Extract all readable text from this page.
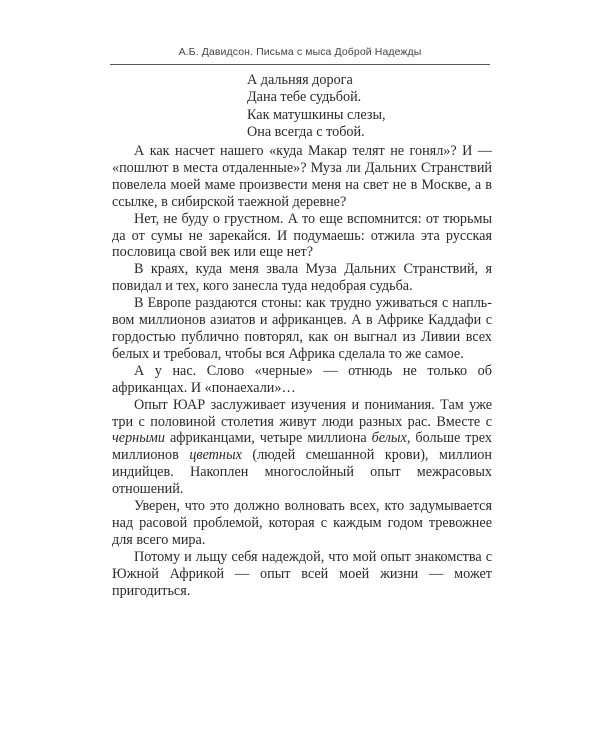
А.Б. Давидсон. Письма с мыса Доброй Надежды
А дальняя дорога
Дана тебе судьбой.
Как матушкины слезы,
Она всегда с тобой.

А как насчет нашего «куда Макар телят не гонял»? И — «пошлют в места отдаленные»? Муза ли Дальних Странствий повелела моей маме произвести меня на свет не в Москве, а в ссылке, в сибирской таежной деревне?

Нет, не буду о грустном. А то еще вспомнится: от тюрьмы да от сумы не зарекайся. И подумаешь: отжила эта русская пословица свой век или еще нет?

В краях, куда меня звала Муза Дальних Странствий, я повидал и тех, кого занесла туда недобрая судьба.

В Европе раздаются стоны: как трудно уживаться с напльвом миллионов азиатов и африканцев. А в Африке Каддафи с гордостью публично повторял, как он выгнал из Ливии всех белых и требовал, чтобы вся Африка сделала то же самое.

А у нас. Слово «черные» — отнюдь не только об африканцах. И «понаехали»…

Опыт ЮАР заслуживает изучения и понимания. Там уже три с половиной столетия живут люди разных рас. Вместе с черными африканцами, четыре миллиона белых, больше трех миллионов цветных (людей смешанной крови), миллион индийцев. Накоплен многослойный опыт межрасовых отношений.

Уверен, что это должно волновать всех, кто задумывается над расовой проблемой, которая с каждым годом тревожнее для всего мира.

Потому и льщу себя надеждой, что мой опыт знакомства с Южной Африкой — опыт всей моей жизни — может пригодиться.
